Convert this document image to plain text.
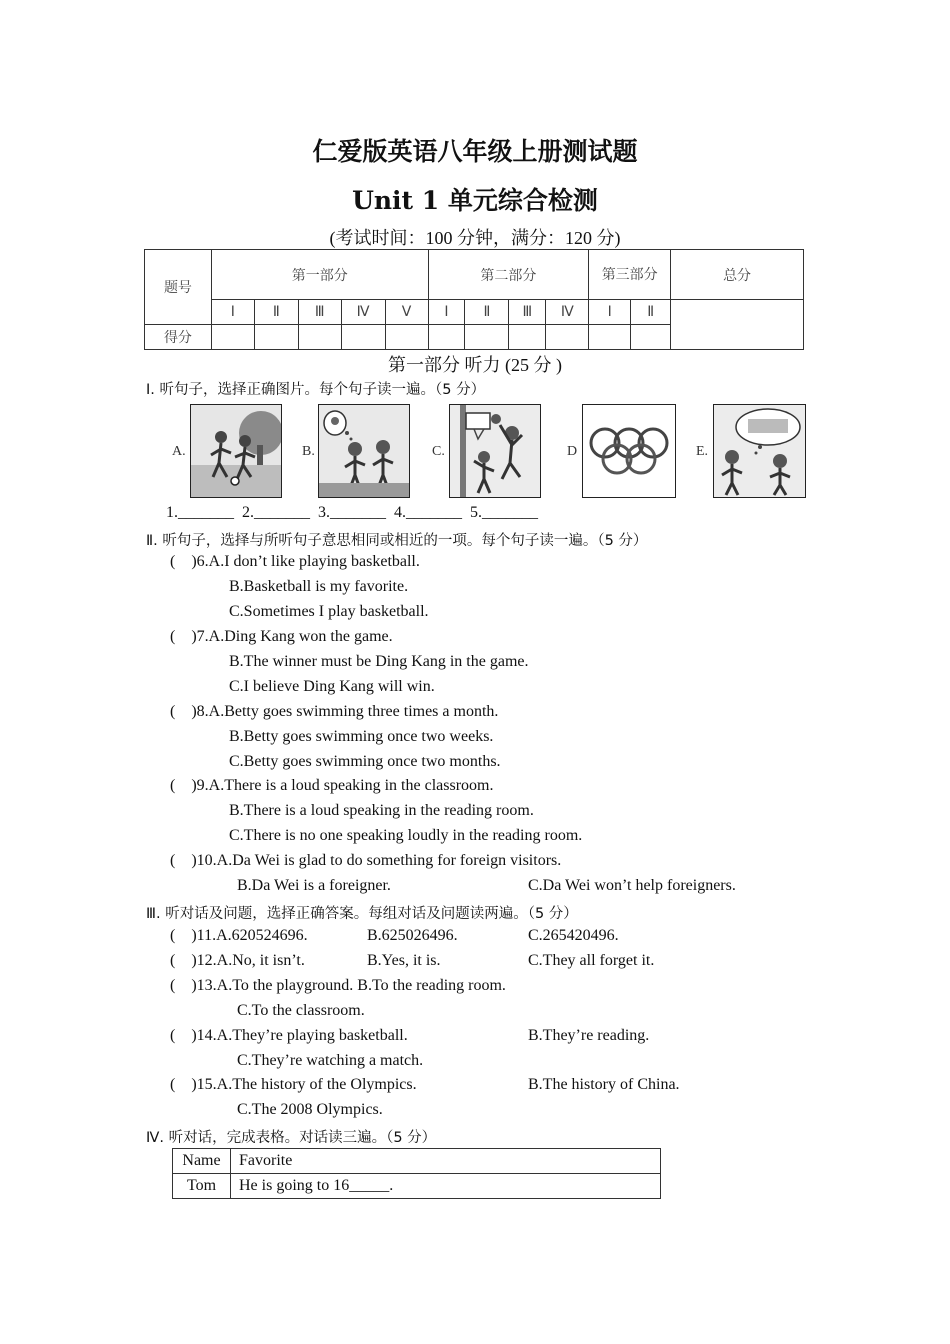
仁爱版英语八年级上册测试题
Unit 1 单元综合检测
(考试时间：100 分钟，满分：120 分)
题号	第一部分					第二部分				第三部分		总分
	Ⅰ	Ⅱ	Ⅲ	Ⅳ	Ⅴ	Ⅰ	Ⅱ	Ⅲ	Ⅳ	Ⅰ	Ⅱ	
得分												
第一部分 听力 (25 分 )
Ⅰ. 听句子，选择正确图片。每个句子读一遍。（5 分）
A.	B.	C.	D	E.
1._______  2._______  3._______  4._______  5._______
Ⅱ. 听句子，选择与所听句子意思相同或相近的一项。每个句子读一遍。（5 分）
(    )6.A.I don’t like playing basketball.
B.Basketball is my favorite.
C.Sometimes I play basketball.
(    )7.A.Ding Kang won the game.
B.The winner must be Ding Kang in the game.
C.I believe Ding Kang will win.
(    )8.A.Betty goes swimming three times a month.
B.Betty goes swimming once two weeks.
C.Betty goes swimming once two months.
(    )9.A.There is a loud speaking in the classroom.
B.There is a loud speaking in the reading room.
C.There is no one speaking loudly in the reading room.
(    )10.A.Da Wei is glad to do something for foreign visitors.
B.Da Wei is a foreigner.	C.Da Wei won’t help foreigners.
Ⅲ. 听对话及问题，选择正确答案。每组对话及问题读两遍。（5 分）
(    )11.A.620524696.	B.625026496.	C.265420496.
(    )12.A.No, it isn’t.	B.Yes, it is.	C.They all forget it.
(    )13.A.To the playground. B.To the reading room.
C.To the classroom.
(    )14.A.They’re playing basketball.	B.They’re reading.
C.They’re watching a match.
(    )15.A.The history of the Olympics.	B.The history of China.
C.The 2008 Olympics.
Ⅳ. 听对话，完成表格。对话读三遍。（5 分）
Name	Favorite
Tom	He is going to 16_____.
